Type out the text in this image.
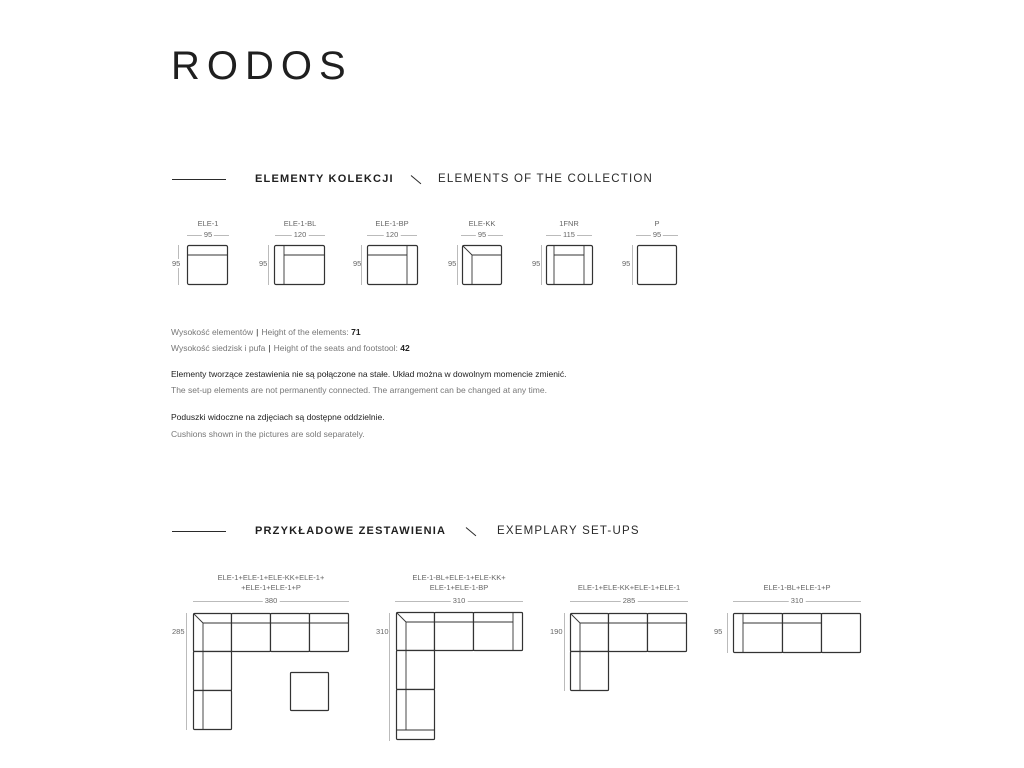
RODOS
ELEMENTY KOLEKCJI	ELEMENTS OF THE COLLECTION
ELE-1
95
95
ELE-1-BL
120
95
ELE-1-BP
120
95
ELE-KK
95
95
1FNR
115
95
P
95
95
Wysokość elementów | Height of the elements: 71
Wysokość siedzisk i pufa | Height of the seats and footstool: 42
Elementy tworzące zestawienia nie są połączone na stałe. Układ można w dowolnym momencie zmienić.
The set-up elements are not permanently connected. The arrangement can be changed at any time.
Poduszki widoczne na zdjęciach są dostępne oddzielnie.
Cushions shown in the pictures are sold separately.
PRZYKŁADOWE ZESTAWIENIA	EXEMPLARY SET-UPS
ELE-1+ELE-1+ELE-KK+ELE-1+
+ELE-1+ELE-1+P
380
285
ELE-1-BL+ELE-1+ELE-KK+
ELE-1+ELE-1-BP
310
310
ELE-1+ELE-KK+ELE-1+ELE-1
285
190
ELE-1-BL+ELE-1+P
310
95
